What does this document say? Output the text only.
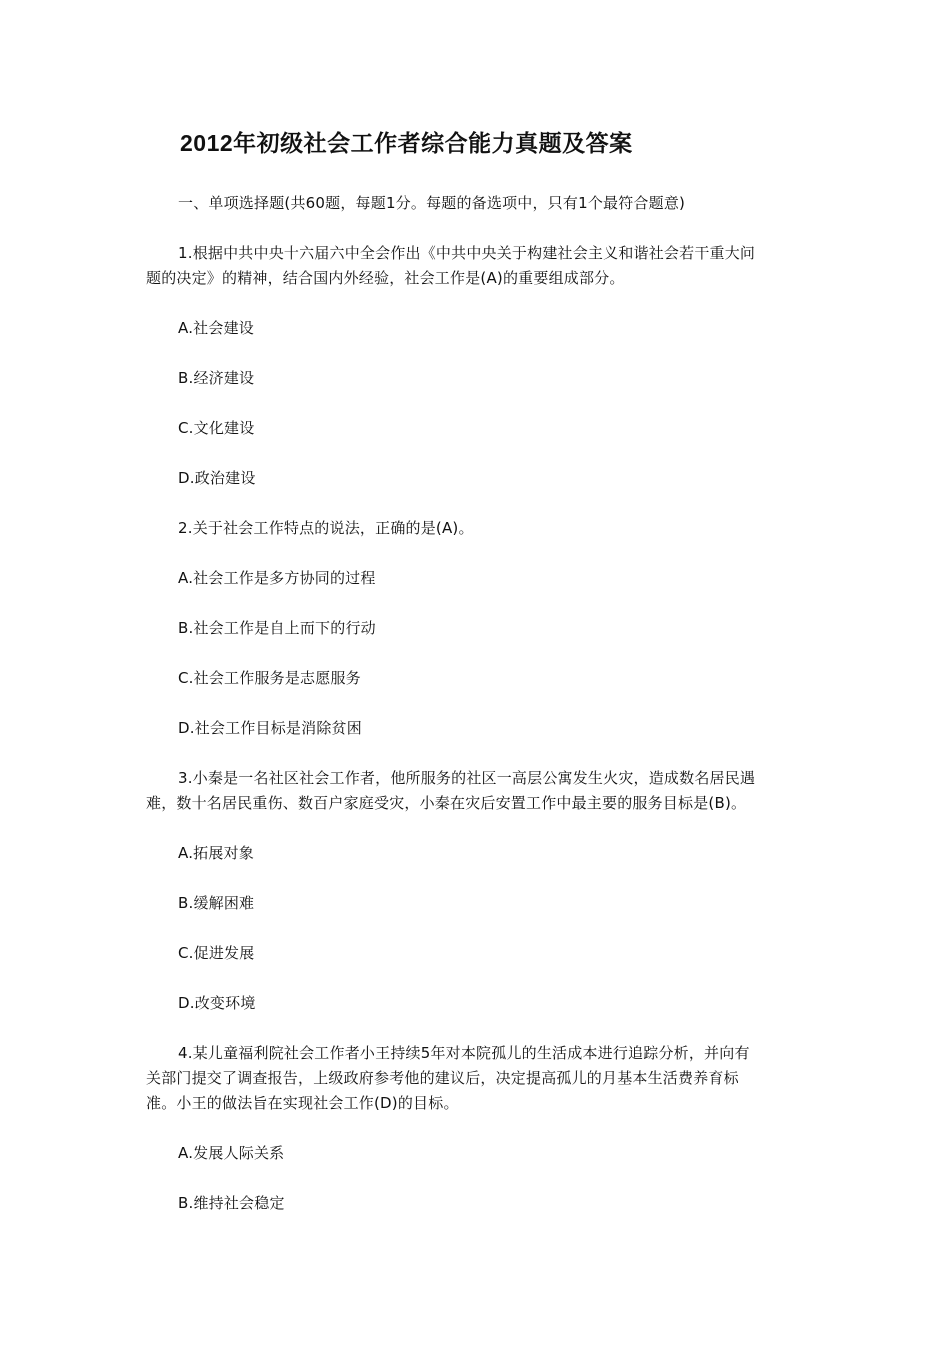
2012年初级社会工作者综合能力真题及答案
一、单项选择题(共60题，每题1分。每题的备选项中，只有1个最符合题意)
1.根据中共中央十六届六中全会作出《中共中央关于构建社会主义和谐社会若干重大问
题的决定》的精神，结合国内外经验，社会工作是(A)的重要组成部分。
A.社会建设
B.经济建设
C.文化建设
D.政治建设
2.关于社会工作特点的说法，正确的是(A)。
A.社会工作是多方协同的过程
B.社会工作是自上而下的行动
C.社会工作服务是志愿服务
D.社会工作目标是消除贫困
3.小秦是一名社区社会工作者，他所服务的社区一高层公寓发生火灾，造成数名居民遇
难，数十名居民重伤、数百户家庭受灾，小秦在灾后安置工作中最主要的服务目标是(B)。
A.拓展对象
B.缓解困难
C.促进发展
D.改变环境
4.某儿童福利院社会工作者小王持续5年对本院孤儿的生活成本进行追踪分析，并向有
关部门提交了调查报告，上级政府参考他的建议后，决定提高孤儿的月基本生活费养育标
准。小王的做法旨在实现社会工作(D)的目标。
A.发展人际关系
B.维持社会稳定
